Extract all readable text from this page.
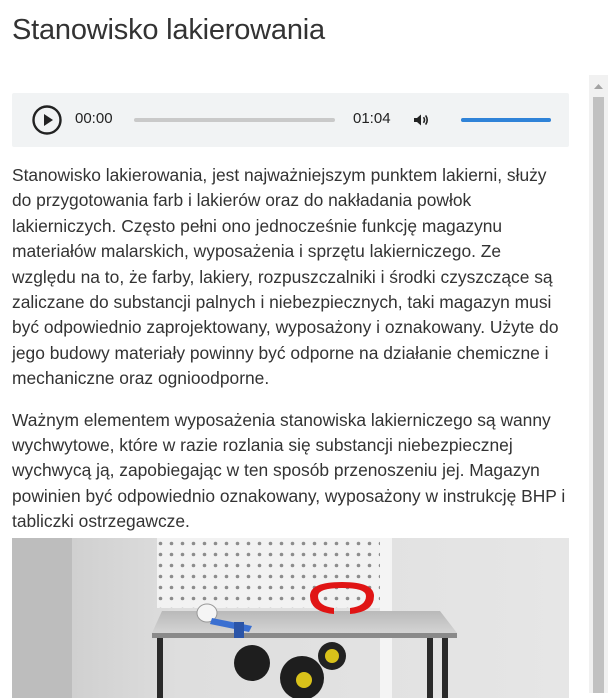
Stanowisko lakierowania
00:00	01:04

Stanowisko lakierowania, jest najważniejszym punktem lakierni, służy do przygotowania farb i lakierów oraz do nakładania powłok lakierniczych. Często pełni ono jednocześnie funkcję magazynu materiałów malarskich, wyposażenia i sprzętu lakierniczego. Ze względu na to, że farby, lakiery, rozpuszczalniki i środki czyszczące są zaliczane do substancji palnych i niebezpiecznych, taki magazyn musi być odpowiednio zaprojektowany, wyposażony i oznakowany. Użyte do jego budowy materiały powinny być odporne na działanie chemiczne i mechaniczne oraz ognioodporne.

Ważnym elementem wyposażenia stanowiska lakierniczego są wanny wychwytowe, które w razie rozlania się substancji niebezpiecznej wychwycą ją, zapobiegając w ten sposób przenoszeniu jej. Magazyn powinien być odpowiednio oznakowany, wyposażony w instrukcję BHP i tabliczki ostrzegawcze.
